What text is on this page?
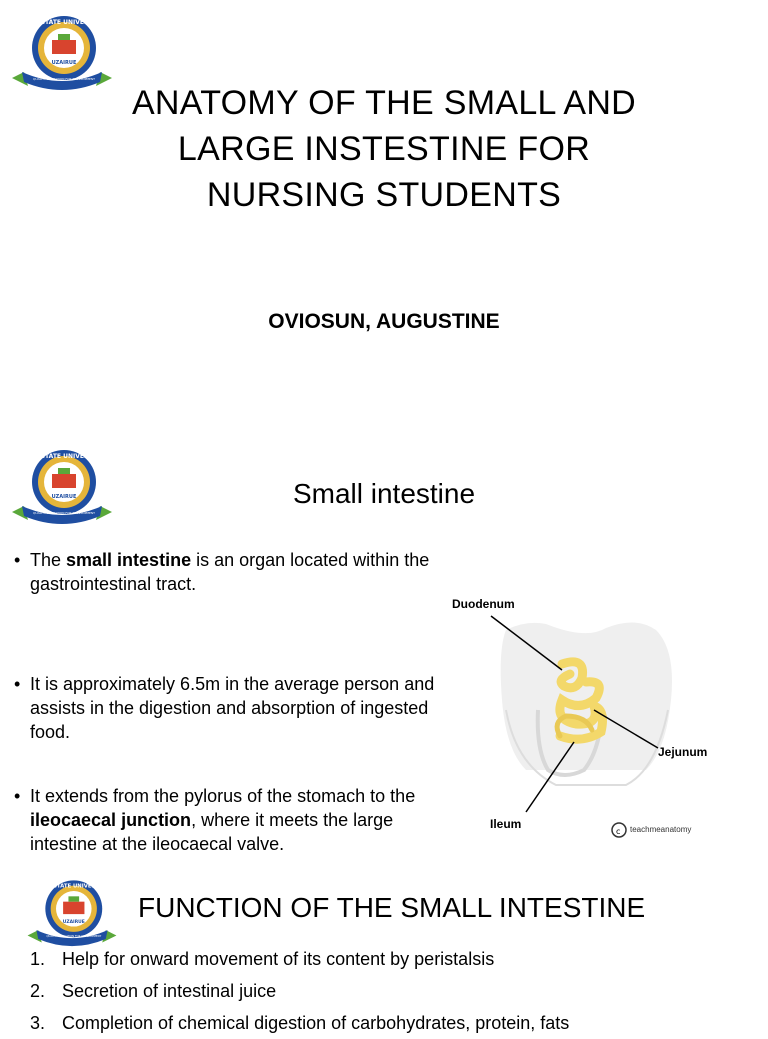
EDO STATE UNIVERSITY
UZAIRUE
QUALITY EDUCATION FOR DEVELOPMENT
ANATOMY OF THE SMALL AND
LARGE INSTESTINE FOR
NURSING STUDENTS
OVIOSUN, AUGUSTINE
EDO STATE UNIVERSITY
UZAIRUE
QUALITY EDUCATION FOR DEVELOPMENT
Small intestine
• The small intestine is an organ located within the gastrointestinal tract.
• It is approximately 6.5m in the average person and assists in the digestion and absorption of ingested food.
• It extends from the pylorus of the stomach to the ileocaecal junction, where it meets the large intestine at the ileocaecal valve.
Duodenum
Jejunum
Ileum
c teachmeanatomy
EDO STATE UNIVERSITY
UZAIRUE
QUALITY EDUCATION FOR DEVELOPMENT
FUNCTION OF THE SMALL INTESTINE
1. Help for onward movement of its content by peristalsis
2. Secretion of intestinal juice
3. Completion of chemical digestion of carbohydrates, protein, fats
